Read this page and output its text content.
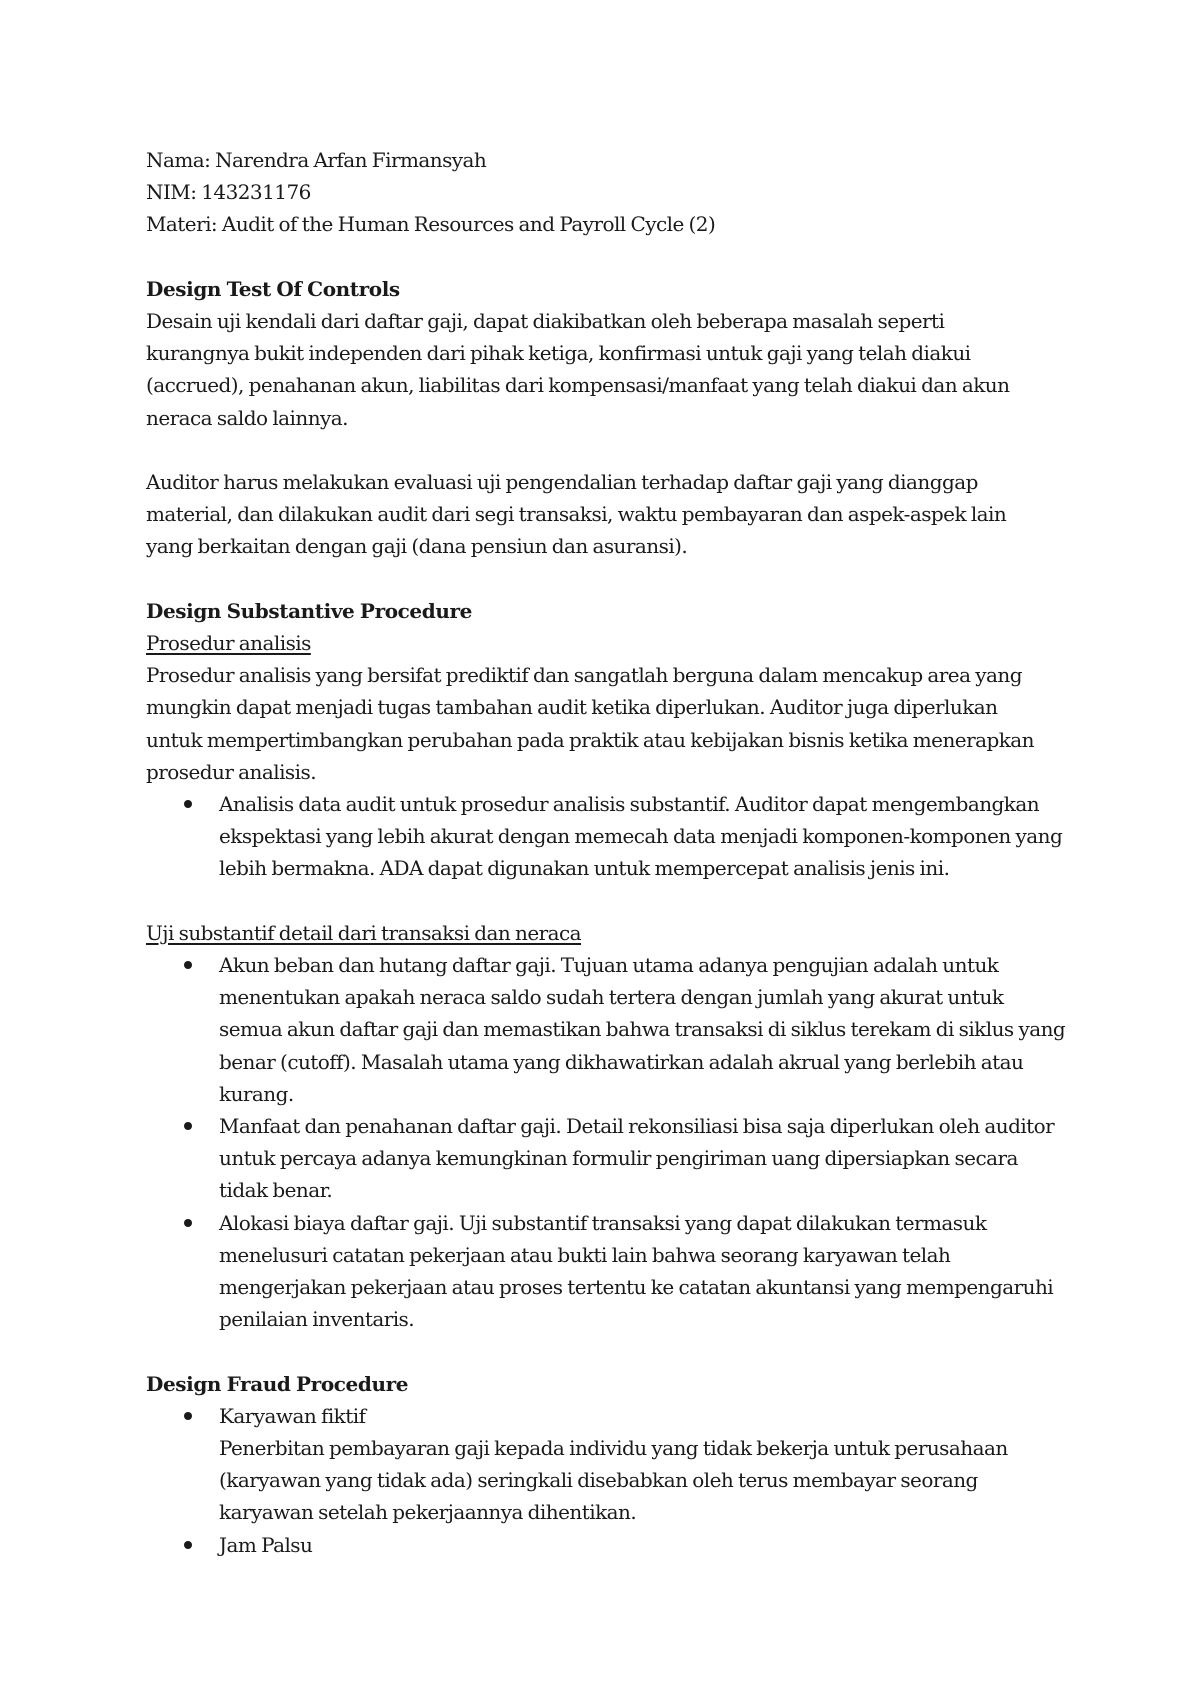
Nama: Narendra Arfan Firmansyah
NIM: 143231176
Materi: Audit of the Human Resources and Payroll Cycle (2)
Design Test Of Controls

Desain uji kendali dari daftar gaji, dapat diakibatkan oleh beberapa masalah seperti kurangnya bukit independen dari pihak ketiga, konfirmasi untuk gaji yang telah diakui (accrued), penahanan akun, liabilitas dari kompensasi/manfaat yang telah diakui dan akun neraca saldo lainnya.

Auditor harus melakukan evaluasi uji pengendalian terhadap daftar gaji yang dianggap material, dan dilakukan audit dari segi transaksi, waktu pembayaran dan aspek-aspek lain yang berkaitan dengan gaji (dana pensiun dan asuransi).

Design Substantive Procedure
Prosedur analisis

Prosedur analisis yang bersifat prediktif dan sangatlah berguna dalam mencakup area yang mungkin dapat menjadi tugas tambahan audit ketika diperlukan. Auditor juga diperlukan untuk mempertimbangkan perubahan pada praktik atau kebijakan bisnis ketika menerapkan prosedur analisis.

Analisis data audit untuk prosedur analisis substantif. Auditor dapat mengembangkan ekspektasi yang lebih akurat dengan memecah data menjadi komponen-komponen yang lebih bermakna. ADA dapat digunakan untuk mempercepat analisis jenis ini.
Uji substantif detail dari transaksi dan neraca
Akun beban dan hutang daftar gaji. Tujuan utama adanya pengujian adalah untuk menentukan apakah neraca saldo sudah tertera dengan jumlah yang akurat untuk semua akun daftar gaji dan memastikan bahwa transaksi di siklus terekam di siklus yang benar (cutoff). Masalah utama yang dikhawatirkan adalah akrual yang berlebih atau kurang.
Manfaat dan penahanan daftar gaji. Detail rekonsiliasi bisa saja diperlukan oleh auditor untuk percaya adanya kemungkinan formulir pengiriman uang dipersiapkan secara tidak benar.
Alokasi biaya daftar gaji. Uji substantif transaksi yang dapat dilakukan termasuk menelusuri catatan pekerjaan atau bukti lain bahwa seorang karyawan telah mengerjakan pekerjaan atau proses tertentu ke catatan akuntansi yang mempengaruhi penilaian inventaris.
Design Fraud Procedure
Karyawan fiktif
Penerbitan pembayaran gaji kepada individu yang tidak bekerja untuk perusahaan (karyawan yang tidak ada) seringkali disebabkan oleh terus membayar seorang karyawan setelah pekerjaannya dihentikan.
Jam Palsu
